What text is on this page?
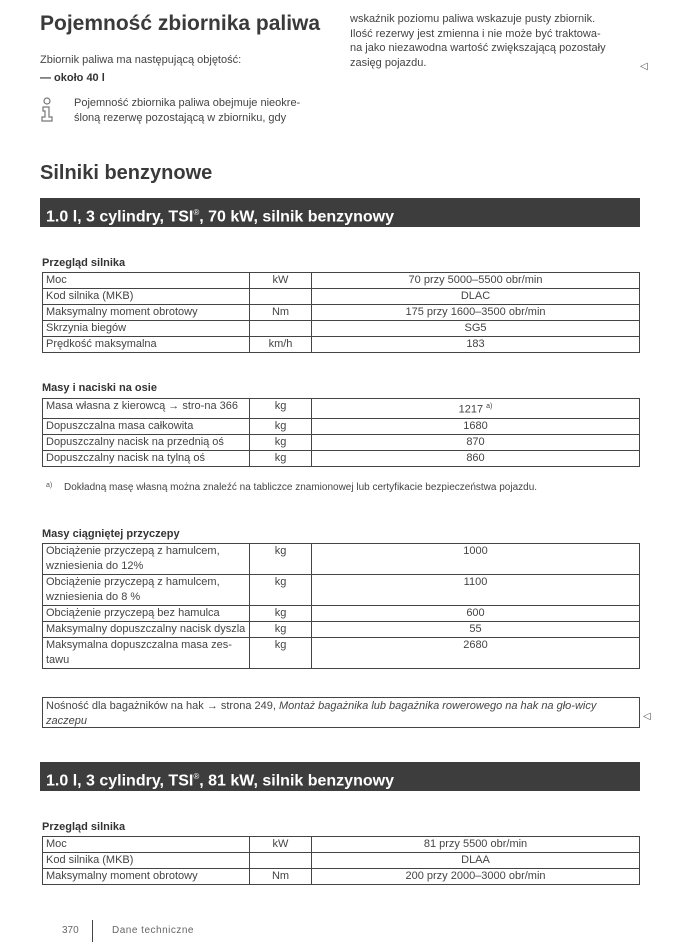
Pojemność zbiornika paliwa
Zbiornik paliwa ma następującą objętość:
— około 40 l
Pojemność zbiornika paliwa obejmuje nieokre-
śloną rezerwę pozostającą w zbiorniku, gdy
wskaźnik poziomu paliwa wskazuje pusty zbiornik.
Ilość rezerwy jest zmienna i nie może być traktowa-
na jako niezawodna wartość zwiększającą pozostały
zasięg pojazdu.	◁
Silniki benzynowe
1.0 l, 3 cylindry, TSI®, 70 kW, silnik benzynowy
Przegląd silnika
Moc	kW	70 przy 5000–5500 obr/min
Kod silnika (MKB)		DLAC
Maksymalny moment obrotowy	Nm	175 przy 1600–3500 obr/min
Skrzynia biegów		SG5
Prędkość maksymalna	km/h	183
Masy i naciski na osie
Masa własna z kierowcą → stro-na 366	kg	1217 $^{a)}$
Dopuszczalna masa całkowita	kg	1680
Dopuszczalny nacisk na przednią oś	kg	870
Dopuszczalny nacisk na tylną oś	kg	860
a) Dokładną masę własną można znaleźć na tabliczce znamionowej lub certyfikacie bezpieczeństwa pojazdu.
Masy ciągniętej przyczepy
Obciążenie przyczepą z hamulcem, wzniesienia do 12%	kg	1000
Obciążenie przyczepą z hamulcem, wzniesienia do 8 %	kg	1100
Obciążenie przyczepą bez hamulca	kg	600
Maksymalny dopuszczalny nacisk dyszla	kg	55
Maksymalna dopuszczalna masa zes-tawu	kg	2680
Nośność dla bagażników na hak → strona 249, Montaż bagażnika lub bagażnika rowerowego na hak na gło-wicy zaczepu	◁
1.0 l, 3 cylindry, TSI®, 81 kW, silnik benzynowy
Przegląd silnika
Moc	kW	81 przy 5500 obr/min
Kod silnika (MKB)		DLAA
Maksymalny moment obrotowy	Nm	200 przy 2000–3000 obr/min
370	Dane techniczne
